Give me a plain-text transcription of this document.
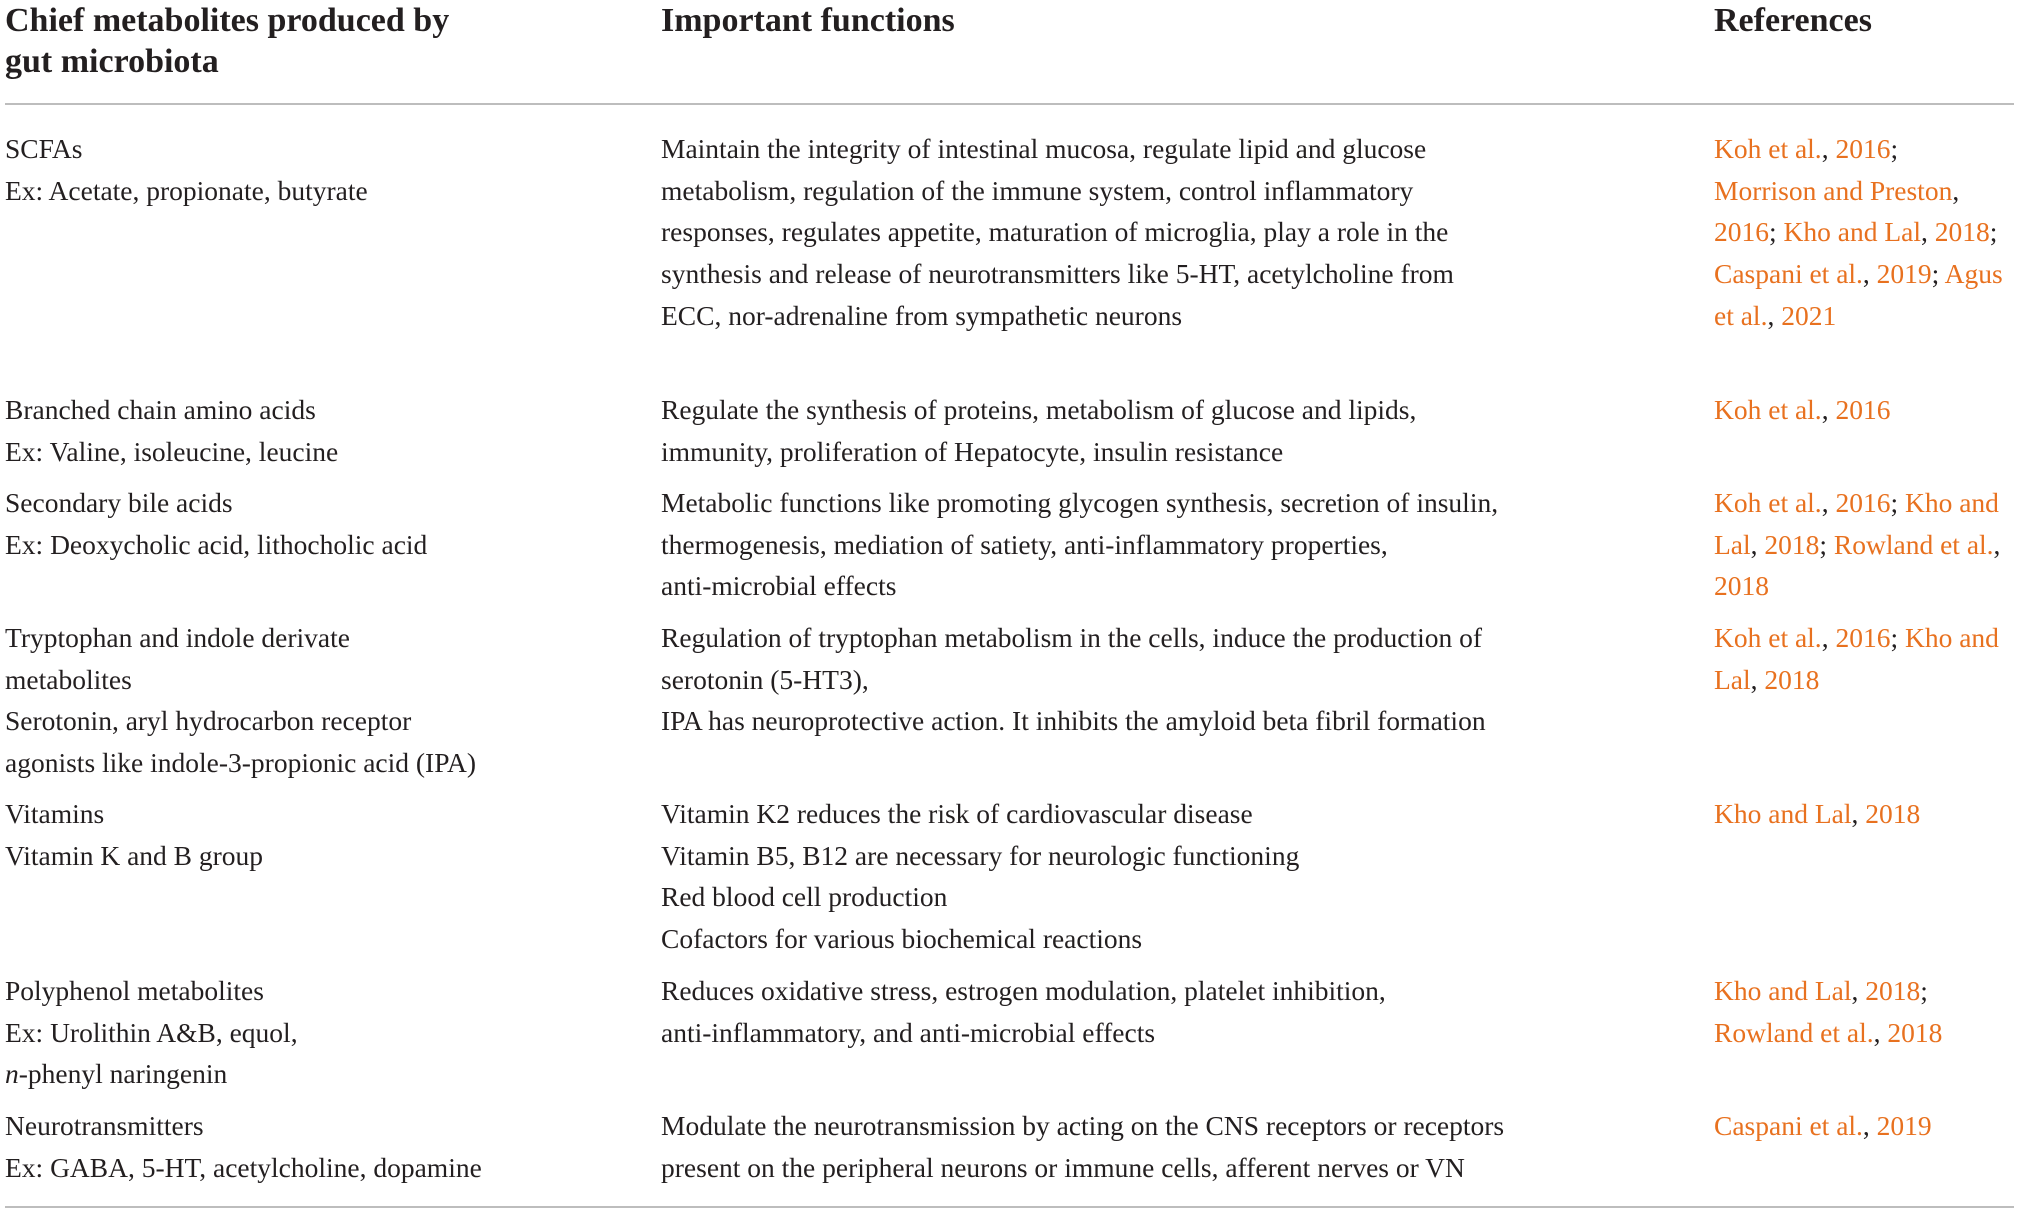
Chief metabolites produced by
gut microbiota
Important functions	References
SCFAs
Ex: Acetate, propionate, butyrate
Maintain the integrity of intestinal mucosa, regulate lipid and glucose
metabolism, regulation of the immune system, control inflammatory
responses, regulates appetite, maturation of microglia, play a role in the
synthesis and release of neurotransmitters like 5-HT, acetylcholine from
ECC, nor-adrenaline from sympathetic neurons
Koh et al., 2016;
Morrison and Preston,
2016; Kho and Lal, 2018;
Caspani et al., 2019; Agus
et al., 2021
Branched chain amino acids
Ex: Valine, isoleucine, leucine
Regulate the synthesis of proteins, metabolism of glucose and lipids,
immunity, proliferation of Hepatocyte, insulin resistance
Koh et al., 2016
Secondary bile acids
Ex: Deoxycholic acid, lithocholic acid
Metabolic functions like promoting glycogen synthesis, secretion of insulin,
thermogenesis, mediation of satiety, anti-inflammatory properties,
anti-microbial effects
Koh et al., 2016; Kho and
Lal, 2018; Rowland et al.,
2018
Tryptophan and indole derivate
metabolites
Serotonin, aryl hydrocarbon receptor
agonists like indole-3-propionic acid (IPA)
Regulation of tryptophan metabolism in the cells, induce the production of
serotonin (5-HT3),
IPA has neuroprotective action. It inhibits the amyloid beta fibril formation
Koh et al., 2016; Kho and
Lal, 2018
Vitamins
Vitamin K and B group
Vitamin K2 reduces the risk of cardiovascular disease
Vitamin B5, B12 are necessary for neurologic functioning
Red blood cell production
Cofactors for various biochemical reactions
Kho and Lal, 2018
Polyphenol metabolites
Ex: Urolithin A&B, equol,
n-phenyl naringenin
Reduces oxidative stress, estrogen modulation, platelet inhibition,
anti-inflammatory, and anti-microbial effects
Kho and Lal, 2018;
Rowland et al., 2018
Neurotransmitters
Ex: GABA, 5-HT, acetylcholine, dopamine
Modulate the neurotransmission by acting on the CNS receptors or receptors
present on the peripheral neurons or immune cells, afferent nerves or VN
Caspani et al., 2019
